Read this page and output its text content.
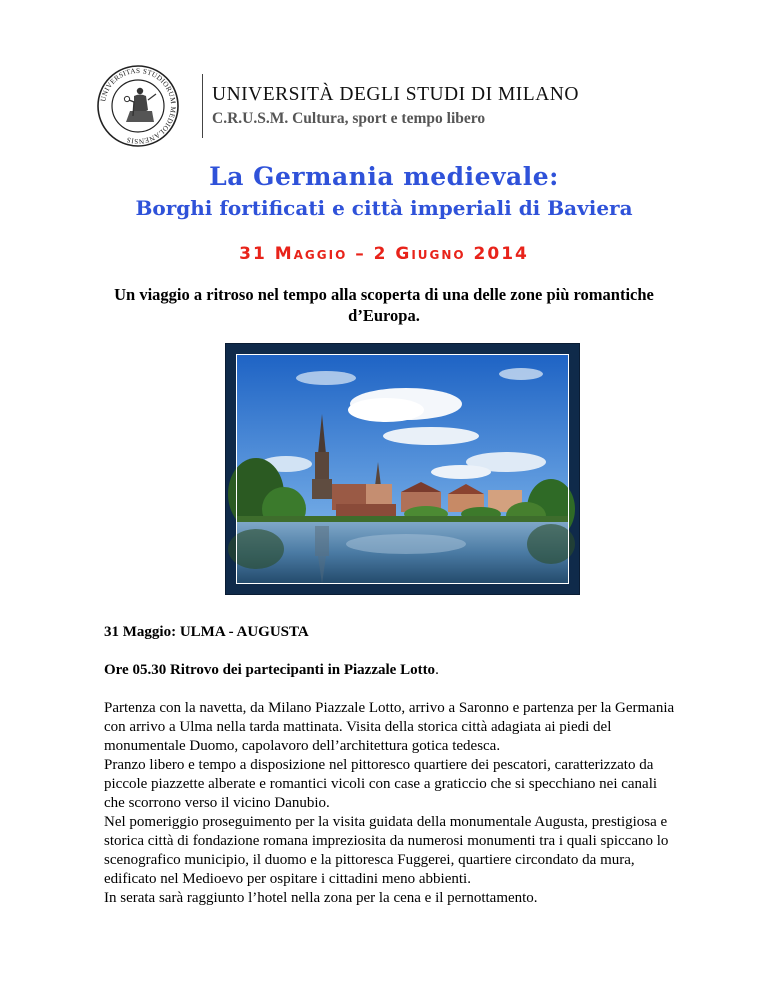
UNIVERSITAS STUDIORUM MEDIOLANENSIS
UNIVERSITÀ DEGLI STUDI DI MILANO
C.R.U.S.M. Cultura, sport e tempo libero
La Germania medievale:
Borghi fortificati e città imperiali di Baviera
31 Maggio – 2 Giugno 2014
Un viaggio a ritroso nel tempo alla scoperta di una delle zone più romantiche d’Europa.
31 Maggio: ULMA - AUGUSTA
Ore 05.30 Ritrovo dei partecipanti in Piazzale Lotto.

Partenza con la navetta, da Milano Piazzale Lotto, arrivo a Saronno e partenza per la Germania con arrivo a Ulma nella tarda mattinata. Visita della storica città adagiata ai piedi del monumentale Duomo, capolavoro dell’architettura gotica tedesca.

Pranzo libero e tempo a disposizione nel pittoresco quartiere dei pescatori, caratterizzato da piccole piazzette alberate e romantici vicoli con case a graticcio che si specchiano nei canali che scorrono verso il vicino Danubio.

Nel pomeriggio proseguimento per la visita guidata della monumentale Augusta, prestigiosa e storica città di fondazione romana impreziosita da numerosi monumenti tra i quali spiccano lo scenografico municipio, il duomo e la pittoresca Fuggerei, quartiere circondato da mura, edificato nel Medioevo per ospitare i cittadini meno abbienti.

In serata sarà raggiunto l’hotel nella zona per la cena e il pernottamento.
